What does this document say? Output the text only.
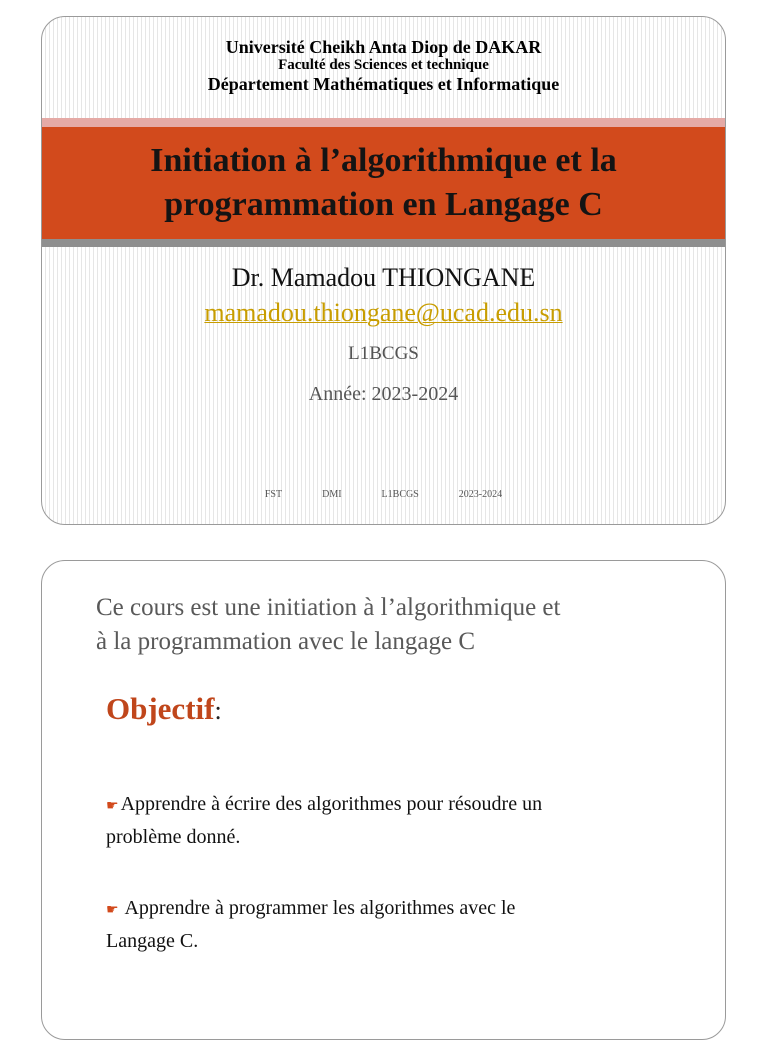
Université Cheikh Anta Diop de DAKAR
Faculté des Sciences et technique
Département Mathématiques et Informatique
Initiation à l’algorithmique et la
programmation en Langage C
Dr. Mamadou THIONGANE
mamadou.thiongane@ucad.edu.sn
L1BCGS
Année: 2023-2024
FST	DMI	L1BCGS	2023-2024
Ce cours est une initiation à l’algorithmique et
à la programmation avec le langage C
Objectif:
☛ Apprendre à écrire des algorithmes pour résoudre un
problème donné.
☛ Apprendre à programmer les algorithmes avec le
Langage C.
